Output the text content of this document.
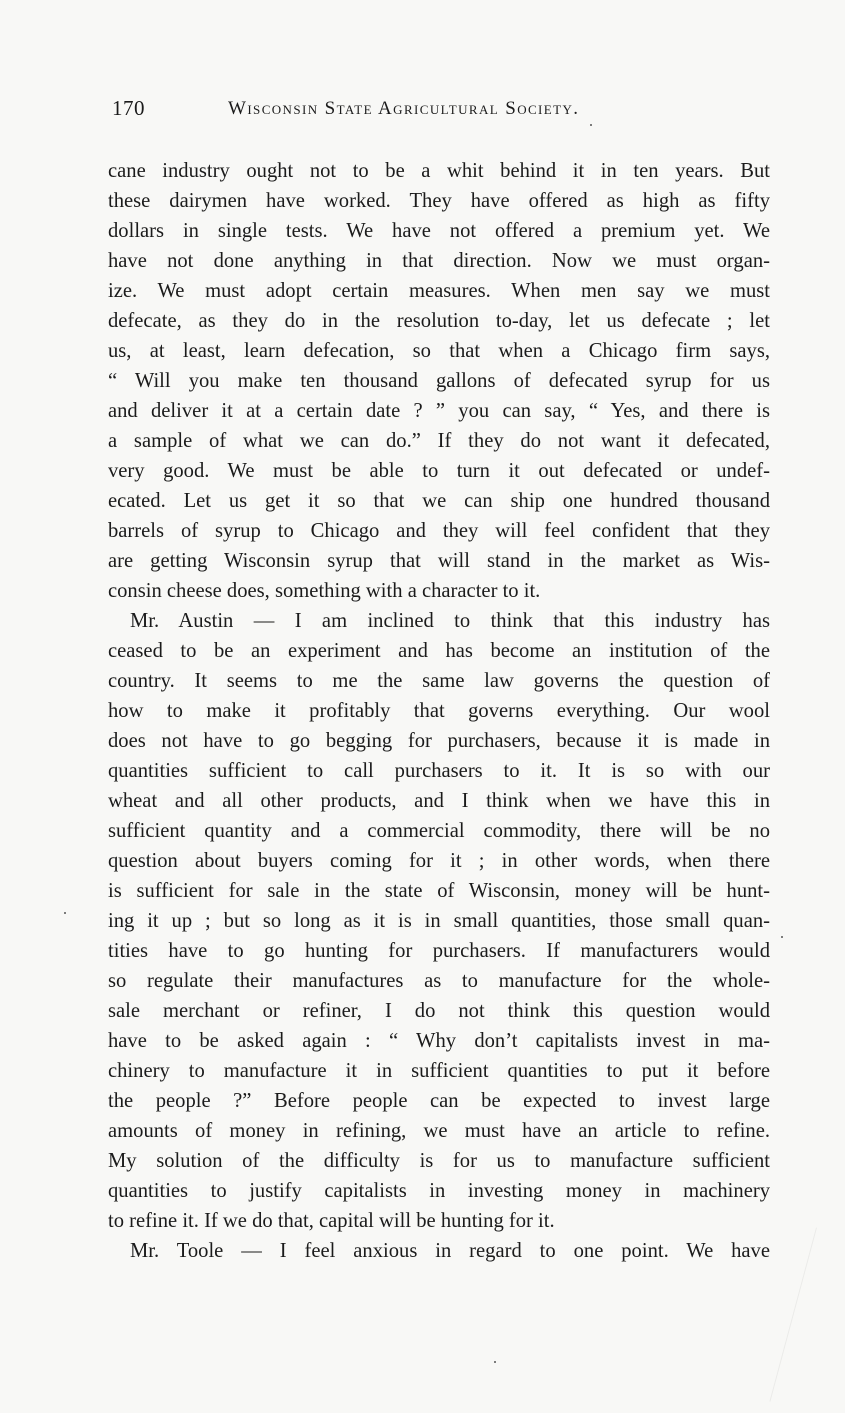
170	Wisconsin State Agricultural Society.
cane industry ought not to be a whit behind it in ten years. But
these dairymen have worked. They have offered as high as fifty
dollars in single tests. We have not offered a premium yet. We
have not done anything in that direction. Now we must organ-
ize. We must adopt certain measures. When men say we must
defecate, as they do in the resolution to-day, let us defecate ; let
us, at least, learn defecation, so that when a Chicago firm says,
“ Will you make ten thousand gallons of defecated syrup for us
and deliver it at a certain date ? ” you can say, “ Yes, and there is
a sample of what we can do.” If they do not want it defecated,
very good. We must be able to turn it out defecated or undef-
ecated. Let us get it so that we can ship one hundred thousand
barrels of syrup to Chicago and they will feel confident that they
are getting Wisconsin syrup that will stand in the market as Wis-
consin cheese does, something with a character to it.
Mr. Austin — I am inclined to think that this industry has
ceased to be an experiment and has become an institution of the
country. It seems to me the same law governs the question of
how to make it profitably that governs everything. Our wool
does not have to go begging for purchasers, because it is made in
quantities sufficient to call purchasers to it. It is so with our
wheat and all other products, and I think when we have this in
sufficient quantity and a commercial commodity, there will be no
question about buyers coming for it ; in other words, when there
is sufficient for sale in the state of Wisconsin, money will be hunt-
ing it up ; but so long as it is in small quantities, those small quan-
tities have to go hunting for purchasers. If manufacturers would
so regulate their manufactures as to manufacture for the whole-
sale merchant or refiner, I do not think this question would
have to be asked again : “ Why don’t capitalists invest in ma-
chinery to manufacture it in sufficient quantities to put it before
the people ?” Before people can be expected to invest large
amounts of money in refining, we must have an article to refine.
My solution of the difficulty is for us to manufacture sufficient
quantities to justify capitalists in investing money in machinery
to refine it. If we do that, capital will be hunting for it.
Mr. Toole — I feel anxious in regard to one point. We have
